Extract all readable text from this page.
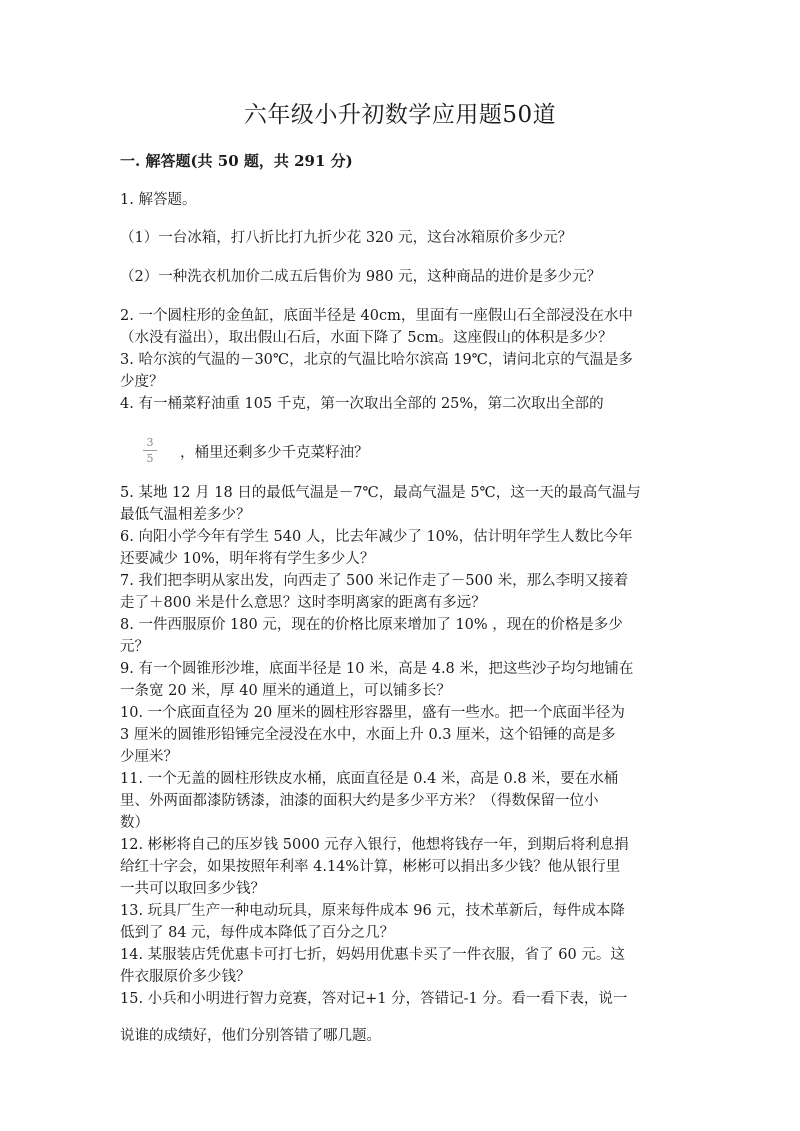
六年级小升初数学应用题50道
一. 解答题(共 50 题，共 291 分)
1. 解答题。
（1）一台冰箱，打八折比打九折少花 320 元，这台冰箱原价多少元？
（2）一种洗衣机加价二成五后售价为 980 元，这种商品的进价是多少元？
2. 一个圆柱形的金鱼缸，底面半径是 40cm，里面有一座假山石全部浸没在水中
（水没有溢出），取出假山石后，水面下降了 5cm。这座假山的体积是多少？
3. 哈尔滨的气温的－30℃，北京的气温比哈尔滨高 19℃，请问北京的气温是多
少度？
4. 有一桶菜籽油重 105 千克，第一次取出全部的 25%，第二次取出全部的
5. 某地 12 月 18 日的最低气温是－7℃，最高气温是 5℃，这一天的最高气温与
最低气温相差多少？
6. 向阳小学今年有学生 540 人，比去年减少了 10%，估计明年学生人数比今年
还要减少 10%，明年将有学生多少人？
7. 我们把李明从家出发，向西走了 500 米记作走了－500 米，那么李明又接着
走了＋800 米是什么意思？这时李明离家的距离有多远？
8. 一件西服原价 180 元，现在的价格比原来增加了 10% ，现在的价格是多少
元？
9. 有一个圆锥形沙堆，底面半径是 10 米，高是 4.8 米，把这些沙子均匀地铺在
一条宽 20 米，厚 40 厘米的通道上，可以铺多长？
10. 一个底面直径为 20 厘米的圆柱形容器里，盛有一些水。把一个底面半径为
3 厘米的圆锥形铅锤完全浸没在水中，水面上升 0.3 厘米，这个铅锤的高是多
少厘米？
11. 一个无盖的圆柱形铁皮水桶，底面直径是 0.4 米，高是 0.8 米，要在水桶
里、外两面都漆防锈漆，油漆的面积大约是多少平方米？（得数保留一位小
数）
12. 彬彬将自己的压岁钱 5000 元存入银行，他想将钱存一年，到期后将利息捐
给红十字会，如果按照年利率 4.14%计算，彬彬可以捐出多少钱？他从银行里
一共可以取回多少钱？
13. 玩具厂生产一种电动玩具，原来每件成本 96 元，技术革新后，每件成本降
低到了 84 元，每件成本降低了百分之几？
14. 某服装店凭优惠卡可打七折，妈妈用优惠卡买了一件衣服，省了 60 元。这
件衣服原价多少钱？
15. 小兵和小明进行智力竞赛，答对记+1 分，答错记-1 分。看一看下表，说一
说谁的成绩好，他们分别答错了哪几题。
3
5 ，桶里还剩多少千克菜籽油？
